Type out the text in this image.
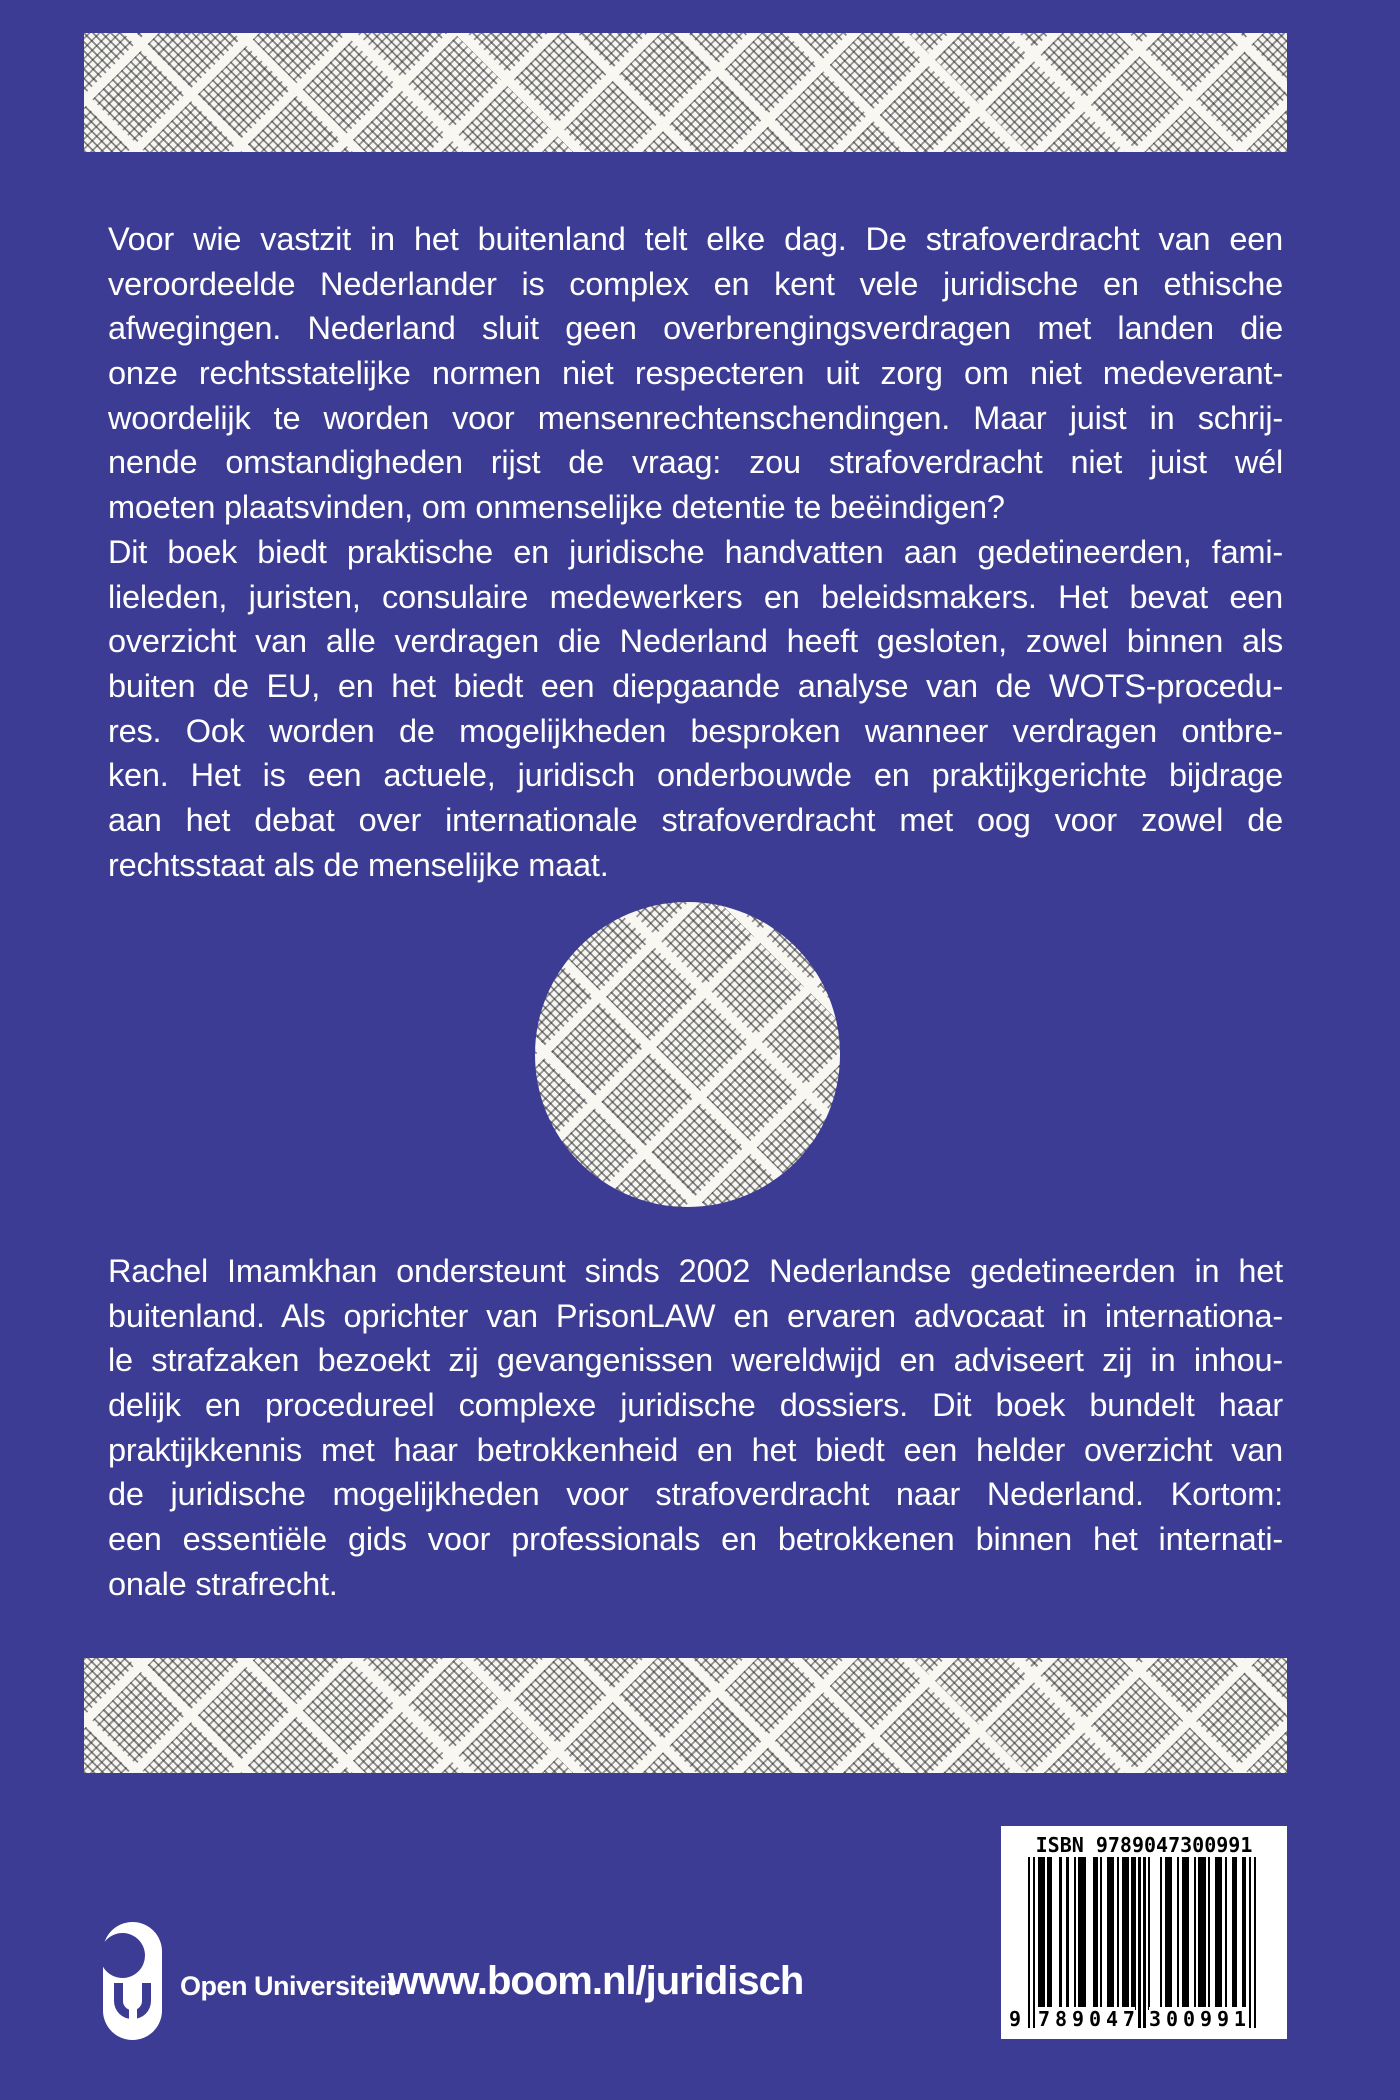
Voor wie vastzit in het buitenland telt elke dag. De strafoverdracht van een
veroordeelde Nederlander is complex en kent vele juridische en ethische
afwegingen. Nederland sluit geen overbrengingsverdragen met landen die
onze rechtsstatelijke normen niet respecteren uit zorg om niet medeverant-
woordelijk te worden voor mensenrechtenschendingen. Maar juist in schrij-
nende omstandigheden rijst de vraag: zou strafoverdracht niet juist wél
moeten plaatsvinden, om onmenselijke detentie te beëindigen?
Dit boek biedt praktische en juridische handvatten aan gedetineerden, fami-
lieleden, juristen, consulaire medewerkers en beleidsmakers. Het bevat een
overzicht van alle verdragen die Nederland heeft gesloten, zowel binnen als
buiten de EU, en het biedt een diepgaande analyse van de WOTS-procedu-
res. Ook worden de mogelijkheden besproken wanneer verdragen ontbre-
ken. Het is een actuele, juridisch onderbouwde en praktijkgerichte bijdrage
aan het debat over internationale strafoverdracht met oog voor zowel de
rechtsstaat als de menselijke maat.
Rachel Imamkhan ondersteunt sinds 2002 Nederlandse gedetineerden in het
buitenland. Als oprichter van PrisonLAW en ervaren advocaat in internationa-
le strafzaken bezoekt zij gevangenissen wereldwijd en adviseert zij in inhou-
delijk en procedureel complexe juridische dossiers. Dit boek bundelt haar
praktijkkennis met haar betrokkenheid en het biedt een helder overzicht van
de juridische mogelijkheden voor strafoverdracht naar Nederland. Kortom:
een essentiële gids voor professionals en betrokkenen binnen het internati-
onale strafrecht.
ISBN 9789047300991
9 7 8 9 0 4 7 3 0 0 9 9 1
Open Universiteit
www.boom.nl/juridisch
